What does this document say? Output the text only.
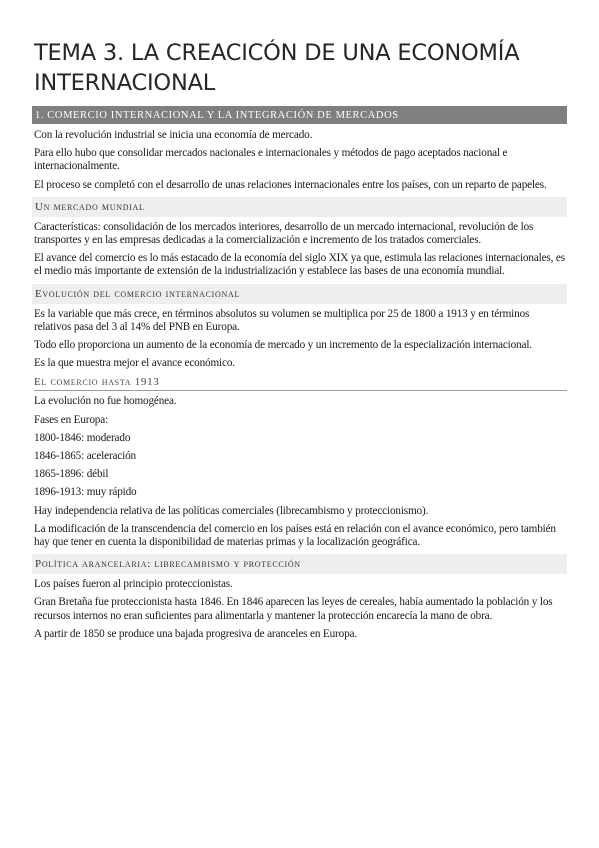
TEMA 3. LA CREACICÓN DE UNA ECONOMÍA INTERNACIONAL
1. COMERCIO INTERNACIONAL Y LA INTEGRACIÓN DE MERCADOS

Con la revolución industrial se inicia una economía de mercado.

Para ello hubo que consolidar mercados nacionales e internacionales y métodos de pago aceptados nacional e internacionalmente.

El proceso se completó con el desarrollo de unas relaciones internacionales entre los países, con un reparto de papeles.

Un mercado mundial

Características: consolidación de los mercados interiores, desarrollo de un mercado internacional, revolución de los transportes y en las empresas dedicadas a la comercialización e incremento de los tratados comerciales.

El avance del comercio es lo más estacado de la economía del siglo XIX ya que, estimula las relaciones internacionales, es el medio más importante de extensión de la industrialización y establece las bases de una economía mundial.

Evolución del comercio internacional

Es la variable que más crece, en términos absolutos su volumen se multiplica por 25 de 1800 a 1913 y en términos relativos pasa del 3 al 14% del PNB en Europa.

Todo ello proporciona un aumento de la economía de mercado y un incremento de la especialización internacional.

Es la que muestra mejor el avance económico.

El comercio hasta 1913

La evolución no fue homogénea.

Fases en Europa:

1800-1846: moderado

1846-1865: aceleración

1865-1896: débil

1896-1913: muy rápido

Hay independencia relativa de las políticas comerciales (librecambismo y proteccionismo).

La modificación de la transcendencia del comercio en los países está en relación con el avance económico, pero también hay que tener en cuenta la disponibilidad de materias primas y la localización geográfica.

Política arancelaria: librecambismo y protección

Los países fueron al principio proteccionistas.

Gran Bretaña fue proteccionista hasta 1846. En 1846 aparecen las leyes de cereales, había aumentado la población y los recursos internos no eran suficientes para alimentarla y mantener la protección encarecía la mano de obra.

A partir de 1850 se produce una bajada progresiva de aranceles en Europa.
